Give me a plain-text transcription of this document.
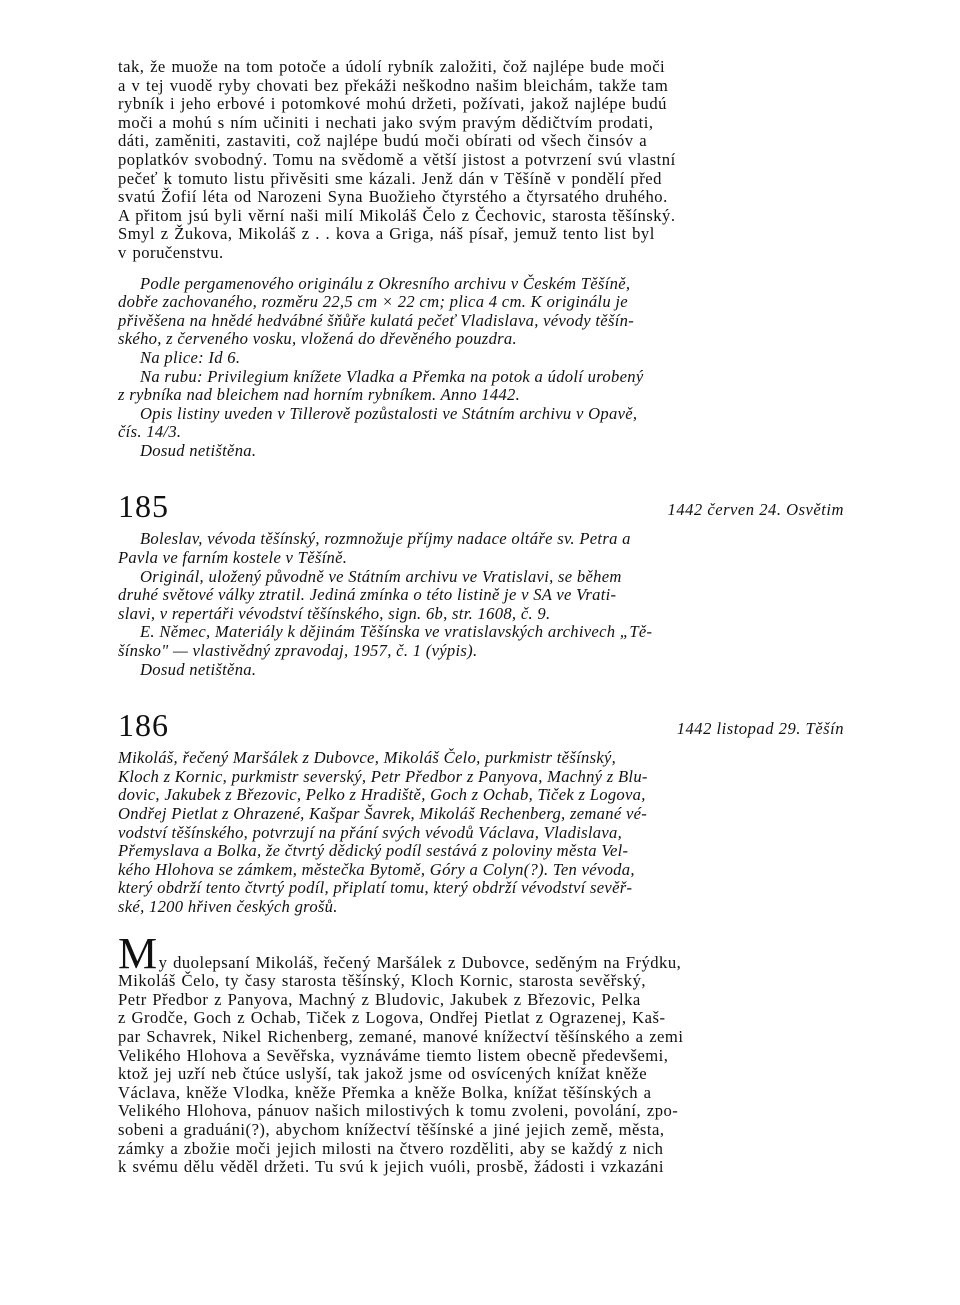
tak, že muože na tom potoče a údolí rybník založiti, čož najlépe bude moči
a v tej vuodě ryby chovati bez překáži neškodno našim bleichám, takže tam
rybník i jeho erbové i potomkové mohú držeti, požívati, jakož najlépe budú
moči a mohú s ním učiniti i nechati jako svým pravým dědičtvím prodati,
dáti, zaměniti, zastaviti, což najlépe budú moči obírati od všech činsóv a
poplatkóv svobodný. Tomu na svědomě a větší jistost a potvrzení svú vlastní
pečeť k tomuto listu přivěsiti sme kázali. Jenž dán v Těšíně v pondělí před
svatú Žofií léta od Narozeni Syna Buožieho čtyrstého a čtyrsatého druhého.
A přitom jsú byli věrní naši milí Mikoláš Čelo z Čechovic, starosta těšínský.
Smyl z Žukova, Mikoláš z . . kova a Griga, náš písař, jemuž tento list byl
v poručenstvu.
Podle pergamenového originálu z Okresního archivu v Českém Těšíně,
dobře zachovaného, rozměru 22,5 cm × 22 cm; plica 4 cm. K originálu je
přivěšena na hnědé hedvábné šňůře kulatá pečeť Vladislava, vévody těšín-
ského, z červeného vosku, vložená do dřevěného pouzdra.
Na plice: Id 6.
Na rubu: Privilegium knížete Vladka a Přemka na potok a údolí urobený
z rybníka nad bleichem nad horním rybníkem. Anno 1442.
Opis listiny uveden v Tillerově pozůstalosti ve Státním archivu v Opavě,
čís. 14/3.
Dosud netištěna.
185	1442 červen 24. Osvětim
Boleslav, vévoda těšínský, rozmnožuje příjmy nadace oltáře sv. Petra a
Pavla ve farním kostele v Těšíně.
Originál, uložený původně ve Státním archivu ve Vratislavi, se během
druhé světové války ztratil. Jediná zmínka o této listině je v SA ve Vrati-
slavi, v repertáři vévodství těšínského, sign. 6b, str. 1608, č. 9.
E. Němec, Materiály k dějinám Těšínska ve vratislavských archivech „Tě-
šínsko" — vlastivědný zpravodaj, 1957, č. 1 (výpis).
Dosud netištěna.
186	1442 listopad 29. Těšín
Mikoláš, řečený Maršálek z Dubovce, Mikoláš Čelo, purkmistr těšínský,
Kloch z Kornic, purkmistr severský, Petr Předbor z Panyova, Machný z Blu-
dovic, Jakubek z Březovic, Pelko z Hradiště, Goch z Ochab, Tiček z Logova,
Ondřej Pietlat z Ohrazené, Kašpar Šavrek, Mikoláš Rechenberg, zemané vé-
vodství těšínského, potvrzují na přání svých vévodů Václava, Vladislava,
Přemyslava a Bolka, že čtvrtý dědický podíl sestává z poloviny města Vel-
kého Hlohova se zámkem, městečka Bytomě, Góry a Colyn(?). Ten vévoda,
který obdrží tento čtvrtý podíl, připlatí tomu, který obdrží vévodství sevěř-
ské, 1200 hřiven českých grošů.
My duolepsaní Mikoláš, řečený Maršálek z Dubovce, seděným na Frýdku,
Mikoláš Čelo, ty časy starosta těšínský, Kloch Kornic, starosta sevěřský,
Petr Předbor z Panyova, Machný z Bludovic, Jakubek z Březovic, Pelka
z Grodče, Goch z Ochab, Tiček z Logova, Ondřej Pietlat z Ograzenej, Kaš-
par Schavrek, Nikel Richenberg, zemané, manové knížectví těšínského a zemi
Velikého Hlohova a Sevěřska, vyznáváme tiemto listem obecně předevšemi,
ktož jej uzří neb čtúce uslyší, tak jakož jsme od osvícených knížat kněže
Václava, kněže Vlodka, kněže Přemka a kněže Bolka, knížat těšínských a
Velikého Hlohova, pánuov našich milostivých k tomu zvoleni, povolání, zpo-
sobeni a graduáni(?), abychom knížectví těšínské a jiné jejich země, města,
zámky a zbožie moči jejich milosti na čtvero rozděliti, aby se každý z nich
k svému dělu věděl držeti. Tu svú k jejich vuóli, prosbě, žádosti i vzkazáni
